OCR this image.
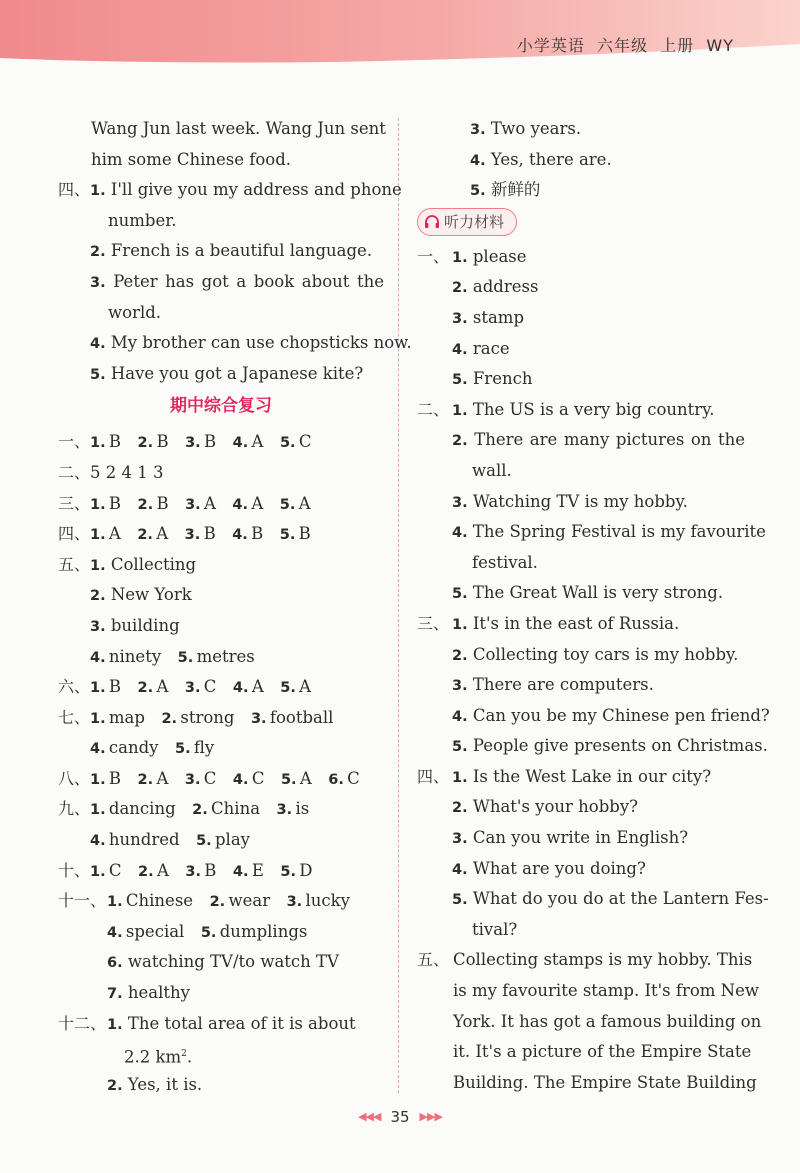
小学英语  六年级  上册  WY
Wang Jun last week. Wang Jun sent
him some Chinese food.
四、 1. I'll give you my address and phone
number.
2. French is a beautiful language.
3. Peter has got a book about the
world.
4. My brother can use chopsticks now.
5. Have you got a Japanese kite?
期中综合复习
一、 1.  B  2.  B  3.  B  4.  A  5.  C
二、 5 2 4 1 3
三、 1.  B  2.  B  3.  A  4.  A  5.  A
四、 1.  A  2.  A  3.  B  4.  B  5.  B
五、 1. Collecting
2. New York
3. building
4.  ninety  5.  metres
六、 1.  B  2.  A  3.  C  4.  A  5.  A
七、 1.  map  2.  strong  3.  football
4.  candy  5.  fly
八、 1.  B  2.  A  3.  C  4.  C  5.  A  6.  C
九、 1.  dancing  2.  China  3.  is
4.  hundred  5.  play
十、 1.  C  2.  A  3.  B  4.  E  5.  D
十一、 1.  Chinese  2.  wear  3.  lucky
4.  special  5.  dumplings
6. watching TV/to watch TV
7. healthy
十二、 1. The total area of it is about
2.2 $km^2$.
2. Yes, it is.
3. Two years.
4. Yes, there are.
5. 新鲜的
听力材料
一、 1. please
2. address
3. stamp
4. race
5. French
二、 1. The US is a very big country.
2. There are many pictures on the
wall.
3. Watching TV is my hobby.
4. The Spring Festival is my favourite
festival.
5. The Great Wall is very strong.
三、 1. It's in the east of Russia.
2. Collecting toy cars is my hobby.
3. There are computers.
4. Can you be my Chinese pen friend?
5. People give presents on Christmas.
四、 1. Is the West Lake in our city?
2. What's your hobby?
3. Can you write in English?
4. What are you doing?
5. What do you do at the Lantern Fes-
tival?
五、 Collecting stamps is my hobby. This
is my favourite stamp. It's from New
York. It has got a famous building on
it. It's a picture of the Empire State
Building. The Empire State Building
◀◀◀ 35 ▶▶▶
